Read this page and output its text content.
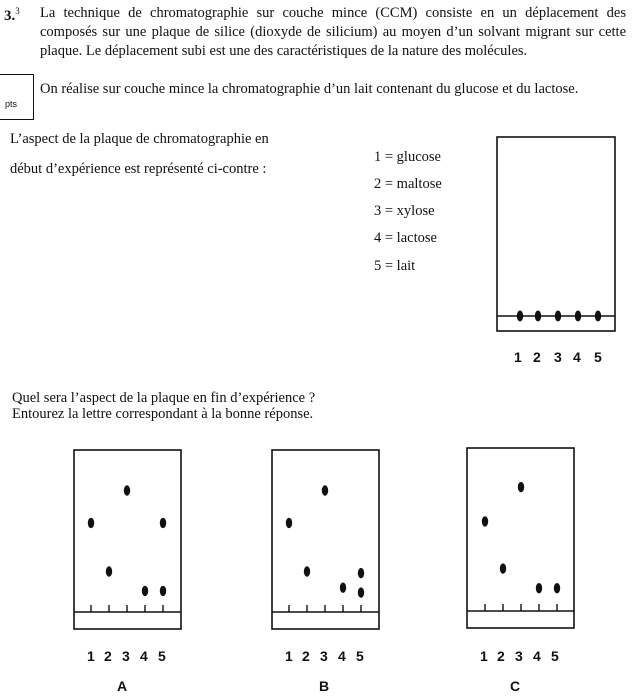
3.$^3$ La technique de chromatographie sur couche mince (CCM) consiste en un déplacement des composés sur une plaque de silice (dioxyde de silicium) au moyen d’un solvant migrant sur cette plaque. Le déplacement subi est une des caractéristiques de la nature des molécules.
On réalise sur couche mince la chromatographie d’un lait contenant du glucose et du lactose.
pts
L’aspect de la plaque de chromatographie en
début d’expérience est représenté ci-contre :
1 = glucose
2 = maltose
3 = xylose
4 = lactose
5 = lait
1 2 3 4 5
Quel sera l’aspect de la plaque en fin d’expérience ?
Entourez la lettre correspondant à la bonne réponse.
1 2 3 4 5
A
1 2 3 4 5
B
1 2 3 4 5
C
